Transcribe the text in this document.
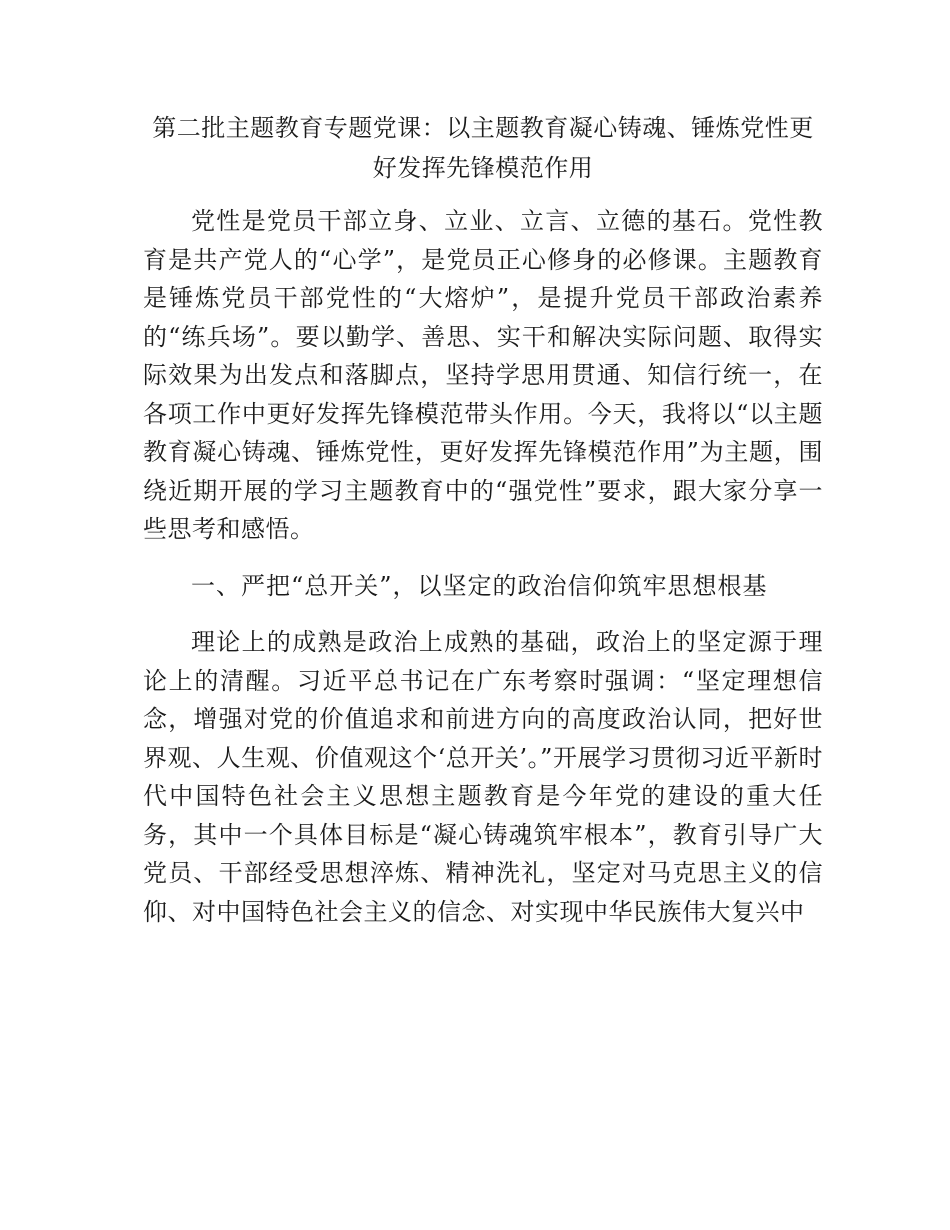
第二批主题教育专题党课：以主题教育凝心铸魂、锤炼党性更
好发挥先锋模范作用

党性是党员干部立身、立业、立言、立德的基石。党性教育是共产党人的“心学”，是党员正心修身的必修课。主题教育是锤炼党员干部党性的“大熔炉”，是提升党员干部政治素养的“练兵场”。要以勤学、善思、实干和解决实际问题、取得实际效果为出发点和落脚点，坚持学思用贯通、知信行统一，在各项工作中更好发挥先锋模范带头作用。今天，我将以“以主题教育凝心铸魂、锤炼党性，更好发挥先锋模范作用”为主题，围绕近期开展的学习主题教育中的“强党性”要求，跟大家分享一些思考和感悟。

一、严把“总开关”，以坚定的政治信仰筑牢思想根基

理论上的成熟是政治上成熟的基础，政治上的坚定源于理论上的清醒。习近平总书记在广东考察时强调：“坚定理想信念，增强对党的价值追求和前进方向的高度政治认同，把好世界观、人生观、价值观这个‘总开关’。”开展学习贯彻习近平新时代中国特色社会主义思想主题教育是今年党的建设的重大任务，其中一个具体目标是“凝心铸魂筑牢根本”，教育引导广大党员、干部经受思想淬炼、精神洗礼，坚定对马克思主义的信仰、对中国特色社会主义的信念、对实现中华民族伟大复兴中
